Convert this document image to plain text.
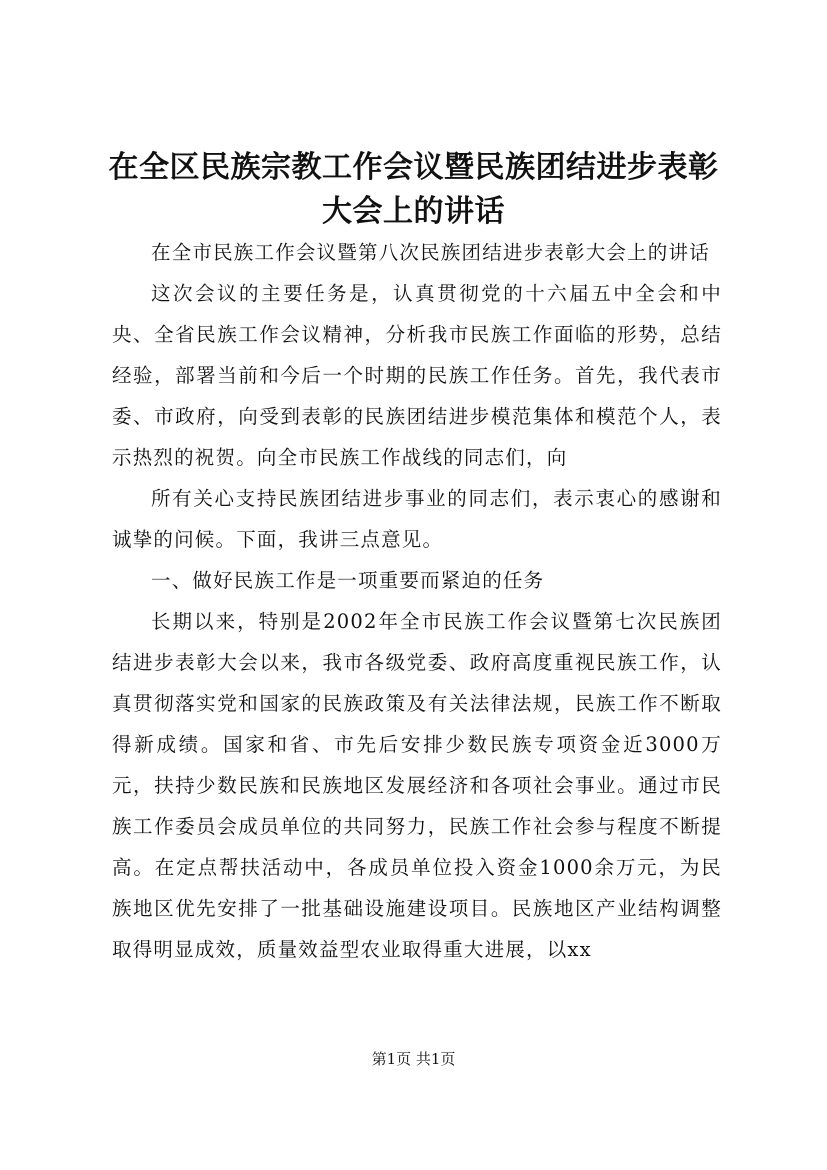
在全区民族宗教工作会议暨民族团结进步表彰大会上的讲话

在全市民族工作会议暨第八次民族团结进步表彰大会上的讲话

这次会议的主要任务是，认真贯彻党的十六届五中全会和中央、全省民族工作会议精神，分析我市民族工作面临的形势，总结经验，部署当前和今后一个时期的民族工作任务。首先，我代表市委、市政府，向受到表彰的民族团结进步模范集体和模范个人，表示热烈的祝贺。向全市民族工作战线的同志们，向

所有关心支持民族团结进步事业的同志们，表示衷心的感谢和诚挚的问候。下面，我讲三点意见。

一、做好民族工作是一项重要而紧迫的任务

长期以来，特别是2002年全市民族工作会议暨第七次民族团结进步表彰大会以来，我市各级党委、政府高度重视民族工作，认真贯彻落实党和国家的民族政策及有关法律法规，民族工作不断取得新成绩。国家和省、市先后安排少数民族专项资金近3000万元，扶持少数民族和民族地区发展经济和各项社会事业。通过市民族工作委员会成员单位的共同努力，民族工作社会参与程度不断提高。在定点帮扶活动中，各成员单位投入资金1000余万元，为民族地区优先安排了一批基础设施建设项目。民族地区产业结构调整取得明显成效，质量效益型农业取得重大进展，以xx

第1页 共1页
